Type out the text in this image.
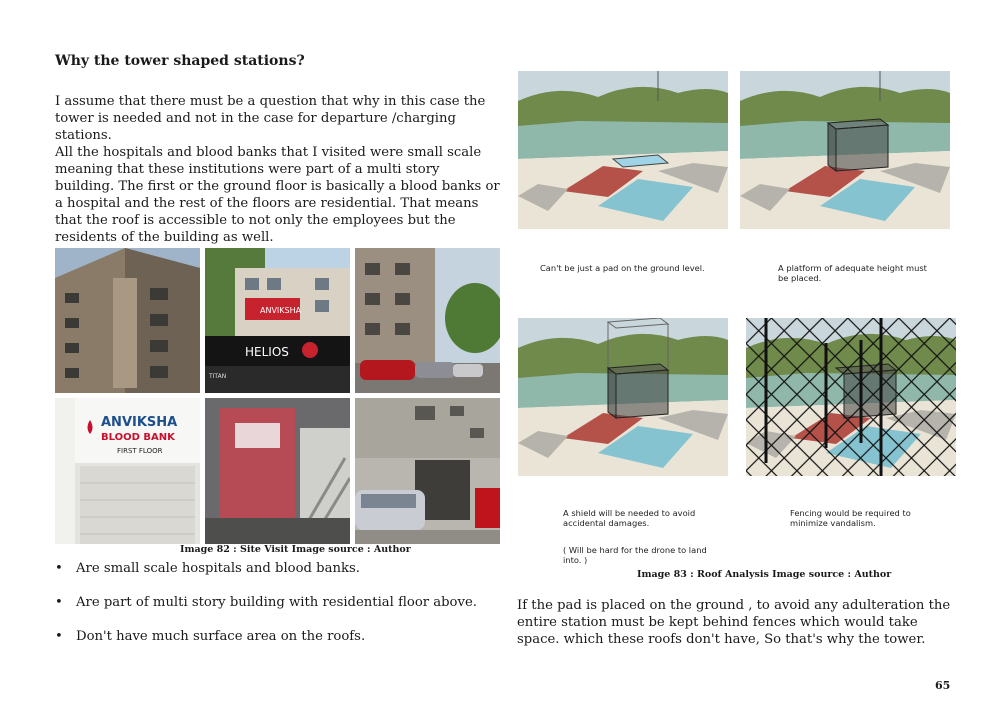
Why the tower shaped stations?

I assume that there must be a question that why in this case the tower is needed and not in the case for departure /charging stations.

All the hospitals and blood banks that I visited were small scale meaning that these institutions were part of a multi story building. The first or the ground floor is basically a blood banks or a hospital and the rest of the floors are residential. That means that the roof is accessible to not only the employees but the residents of the building as well.

ANVIKSHA
HELIOS
TITAN
ANVIKSHA
BLOOD BANK
FIRST FLOOR
Image 82 : Site Visit Image source : Author
• Are small scale hospitals and blood banks.
• Are part of multi story building with residential floor above.
• Don't have much surface area on the roofs.
Can't be just a pad on the ground level.	A platform of adequate height must be placed.
A shield will be needed to avoid accidental damages.
( Will be hard for the drone to land into. )
Fencing would be required to minimize vandalism.
Image 83 : Roof Analysis Image source : Author

If the pad is placed on the ground , to avoid any adulteration the entire station must be kept behind fences which would take space. which these roofs don't have, So that's why the tower.

65
